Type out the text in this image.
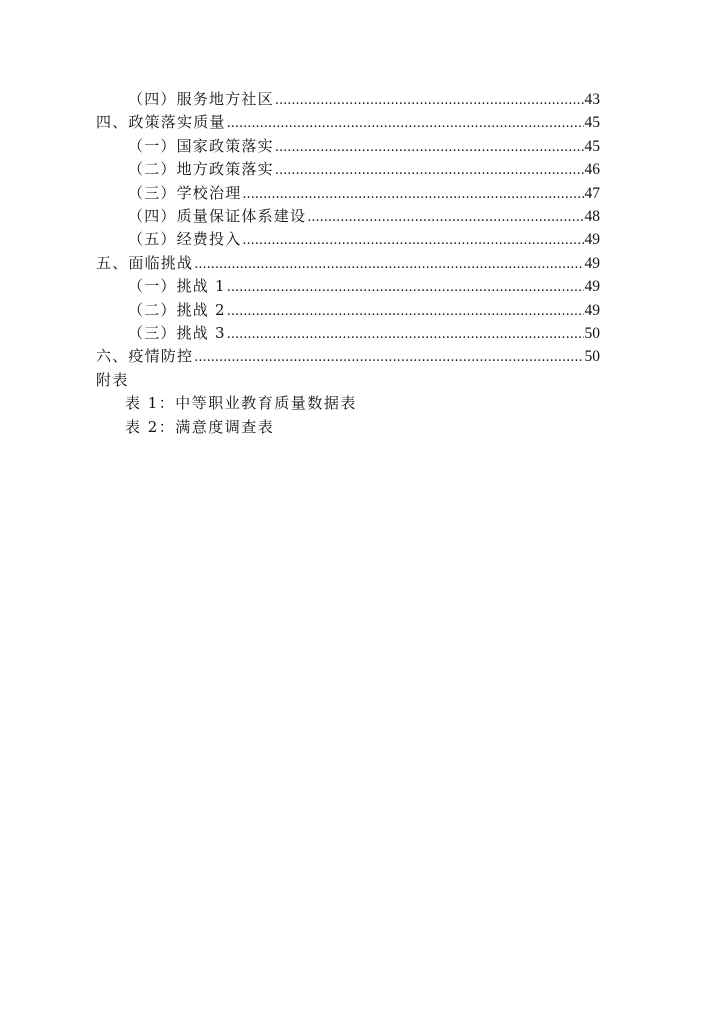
（四）服务地方社区 .....	43
四、政策落实质量 .....	45
（一）国家政策落实 .....	45
（二）地方政策落实 .....	46
（三）学校治理 .....	47
（四）质量保证体系建设 .....	48
（五）经费投入 .....	49
五、面临挑战 .....	49
（一）挑战 1 .....	49
（二）挑战 2 .....	49
（三）挑战 3 .....	50
六、疫情防控 .....	50
附表
表 1：中等职业教育质量数据表
表 2：满意度调查表
